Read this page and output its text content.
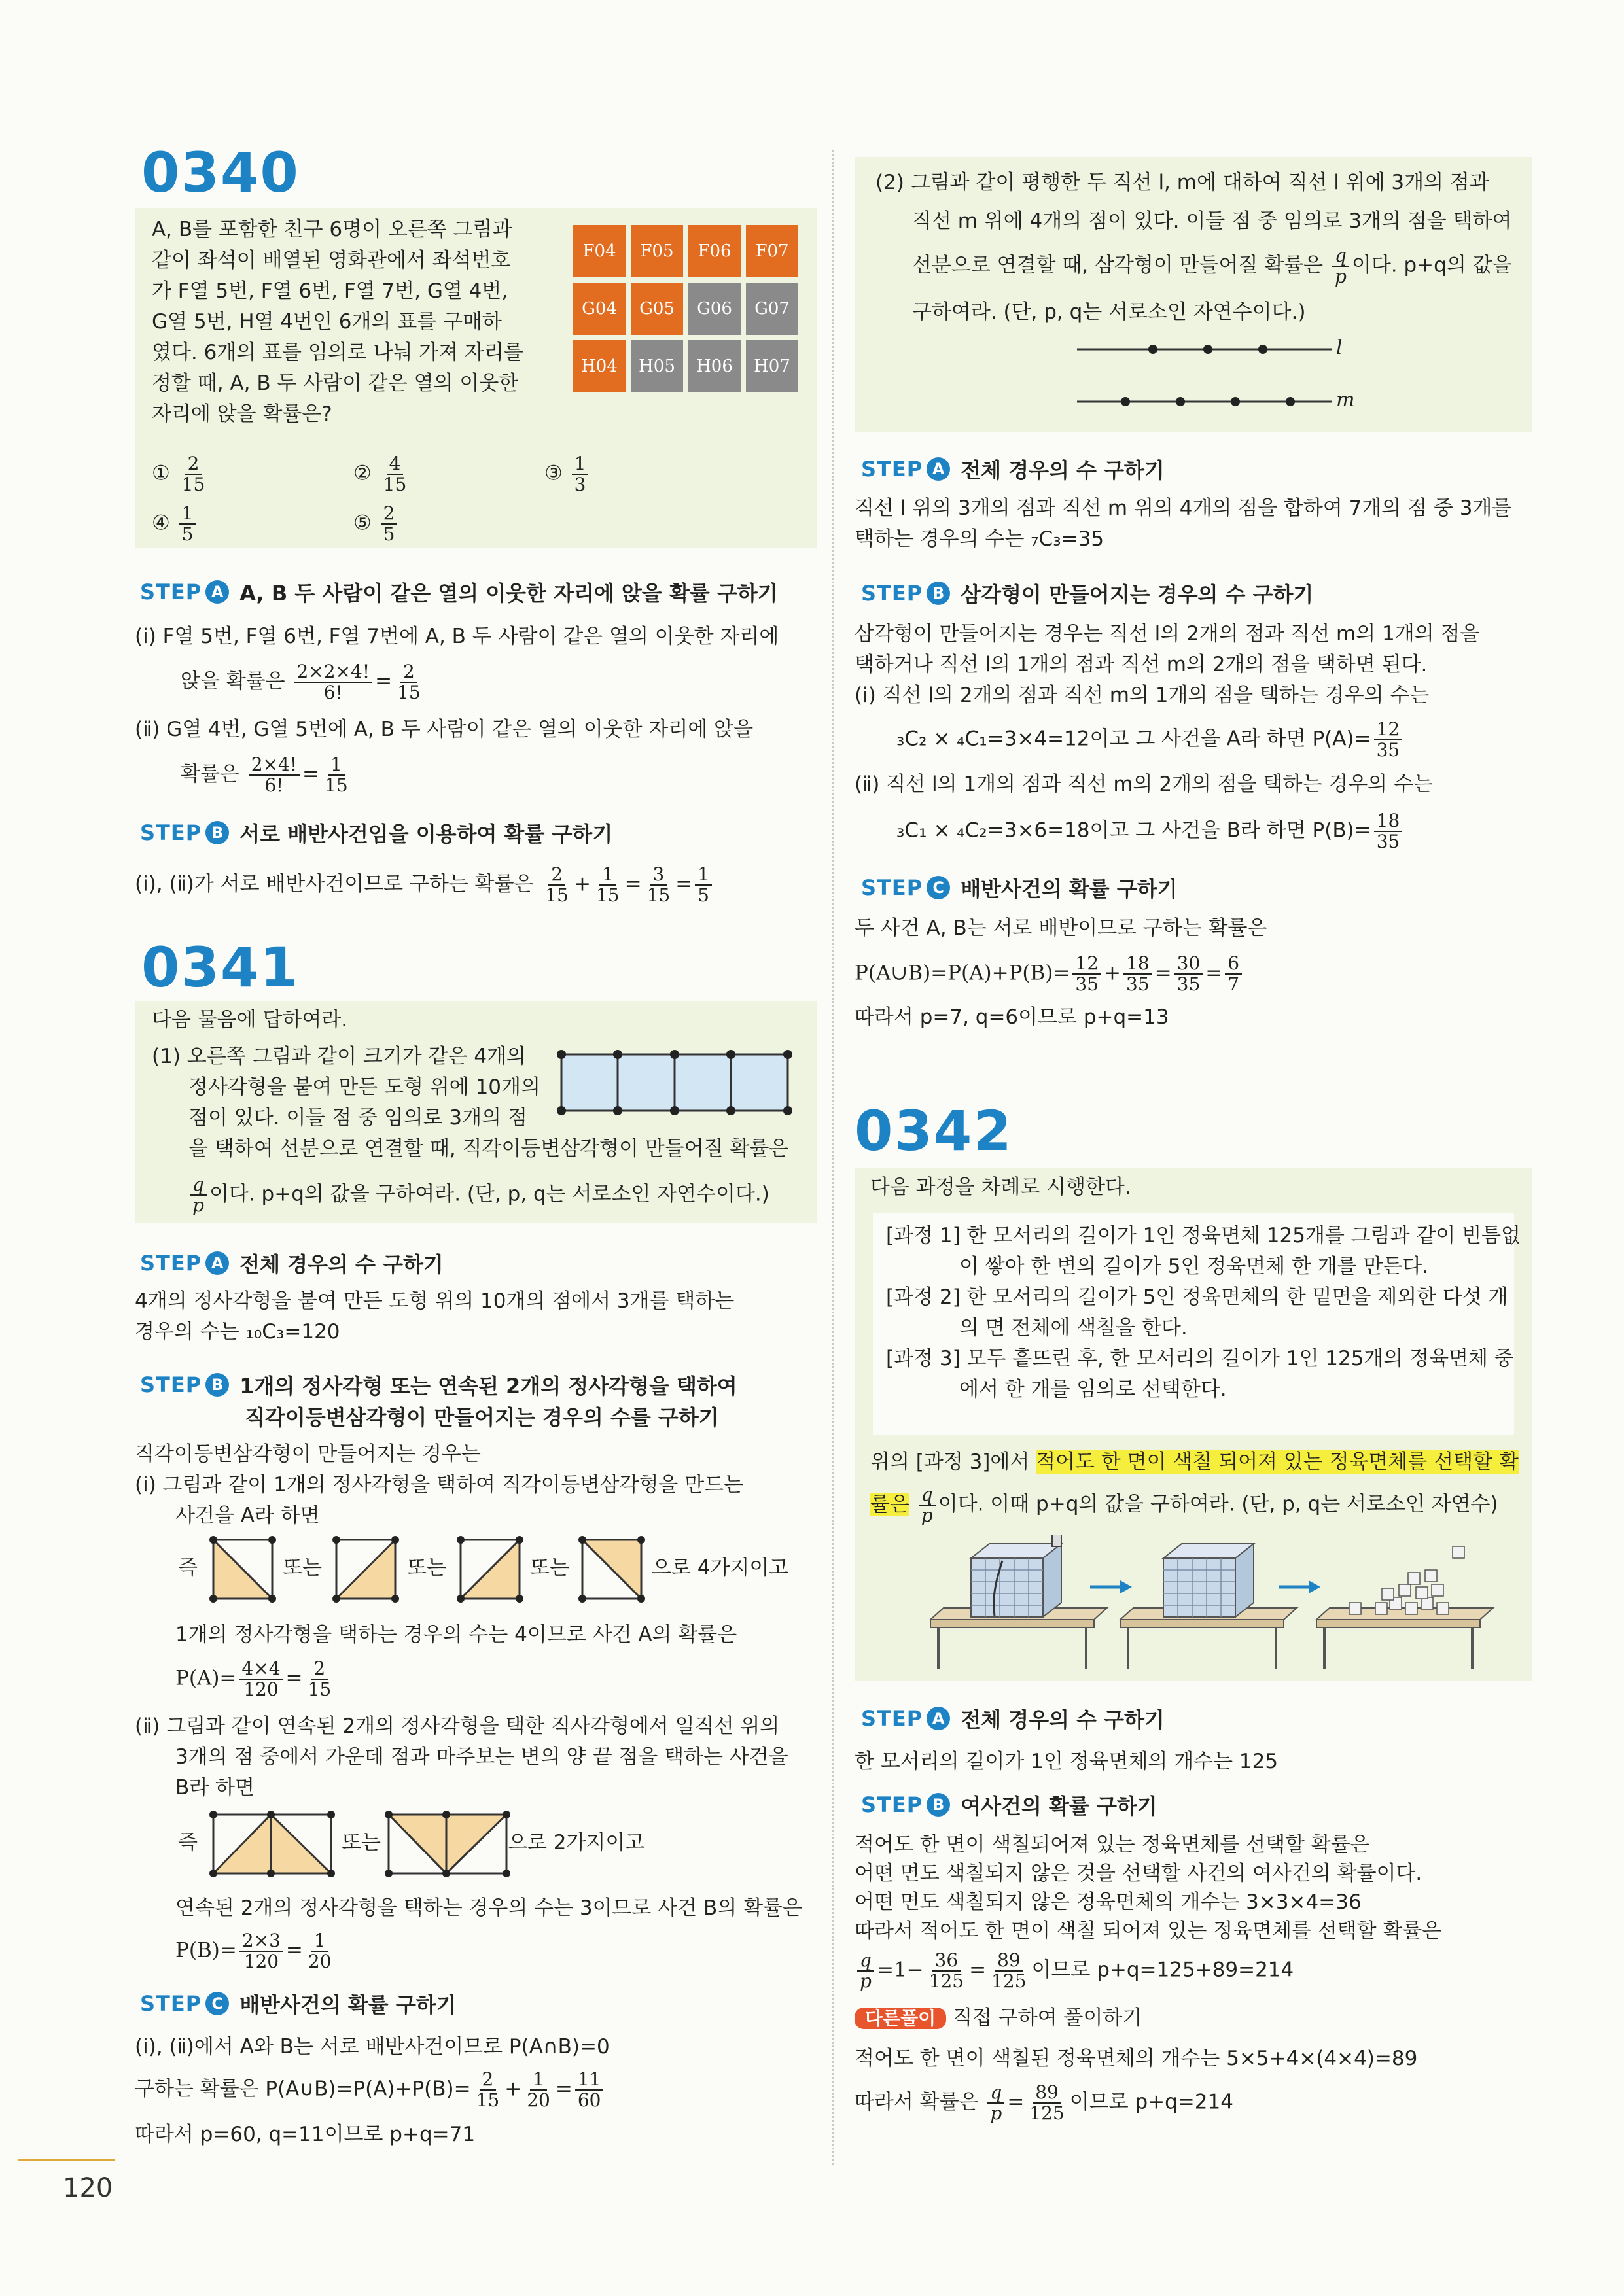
0340
A, B를 포함한 친구 6명이 오른쪽 그림과
같이 좌석이 배열된 영화관에서 좌석번호
가 F열 5번, F열 6번, F열 7번, G열 4번,
G열 5번, H열 4번인 6개의 표를 구매하
였다. 6개의 표를 임의로 나눠 가져 자리를
정할 때, A, B 두 사람이 같은 열의 이웃한
자리에 앉을 확률은?
F04 F05 F06 F07
G04 G05 G06 G07
H04 H05 H06 H07
① $\frac{2}{15}$	② $\frac{4}{15}$	③ $\frac{1}{3}$
④ $\frac{1}{5}$	⑤ $\frac{2}{5}$
STEP A A, B 두 사람이 같은 열의 이웃한 자리에 앉을 확률 구하기
(ⅰ) F열 5번, F열 6번, F열 7번에 A, B 두 사람이 같은 열의 이웃한 자리에
앉을 확률은 $\frac{2\times 2\times 4!}{6!} = \frac{2}{15}$
(ⅱ) G열 4번, G열 5번에 A, B 두 사람이 같은 열의 이웃한 자리에 앉을
확률은 $\frac{2\times 4!}{6!} = \frac{1}{15}$
STEP B 서로 배반사건임을 이용하여 확률 구하기
(ⅰ), (ⅱ)가 서로 배반사건이므로 구하는 확률은 $\frac{2}{15} + \frac{1}{15} = \frac{3}{15} = \frac{1}{5}$
0341
다음 물음에 답하여라.
(1) 오른쪽 그림과 같이 크기가 같은 4개의
정사각형을 붙여 만든 도형 위에 10개의
점이 있다. 이들 점 중 임의로 3개의 점
을 택하여 선분으로 연결할 때, 직각이등변삼각형이 만들어질 확률은
$\frac{q}{p}$ 이다. p+q의 값을 구하여라. (단, p, q는 서로소인 자연수이다.)
STEP A 전체 경우의 수 구하기
4개의 정사각형을 붙여 만든 도형 위의 10개의 점에서 3개를 택하는
경우의 수는 ₁₀C₃=120
STEP B 1개의 정사각형 또는 연속된 2개의 정사각형을 택하여
직각이등변삼각형이 만들어지는 경우의 수를 구하기
직각이등변삼각형이 만들어지는 경우는
(ⅰ) 그림과 같이 1개의 정사각형을 택하여 직각이등변삼각형을 만드는
사건을 A라 하면
즉	또는	또는	또는	으로 4가지이고
1개의 정사각형을 택하는 경우의 수는 4이므로 사건 A의 확률은
$P(A)= \frac{4\times 4}{120} = \frac{2}{15}$
(ⅱ) 그림과 같이 연속된 2개의 정사각형을 택한 직사각형에서 일직선 위의
3개의 점 중에서 가운데 점과 마주보는 변의 양 끝 점을 택하는 사건을
B라 하면
즉	또는	으로 2가지이고
연속된 2개의 정사각형을 택하는 경우의 수는 3이므로 사건 B의 확률은
$P(B)= \frac{2\times 3}{120} = \frac{1}{20}$
STEP C 배반사건의 확률 구하기
(ⅰ), (ⅱ)에서 A와 B는 서로 배반사건이므로 P(A∩B)=0
구하는 확률은 P(A∪B)=P(A)+P(B)= $\frac{2}{15} + \frac{1}{20} = \frac{11}{60}$
따라서 p=60, q=11이므로 p+q=71
120
(2) 그림과 같이 평행한 두 직선 l, m에 대하여 직선 l 위에 3개의 점과
직선 m 위에 4개의 점이 있다. 이들 점 중 임의로 3개의 점을 택하여
선분으로 연결할 때, 삼각형이 만들어질 확률은 $\frac{q}{p}$ 이다. p+q의 값을
구하여라. (단, p, q는 서로소인 자연수이다.)
l
m
STEP A 전체 경우의 수 구하기
직선 l 위의 3개의 점과 직선 m 위의 4개의 점을 합하여 7개의 점 중 3개를
택하는 경우의 수는 ₇C₃=35
STEP B 삼각형이 만들어지는 경우의 수 구하기
삼각형이 만들어지는 경우는 직선 l의 2개의 점과 직선 m의 1개의 점을
택하거나 직선 l의 1개의 점과 직선 m의 2개의 점을 택하면 된다.
(ⅰ) 직선 l의 2개의 점과 직선 m의 1개의 점을 택하는 경우의 수는
₃C₂ × ₄C₁=3×4=12이고 그 사건을 A라 하면 $P(A)= \frac{12}{35}$
(ⅱ) 직선 l의 1개의 점과 직선 m의 2개의 점을 택하는 경우의 수는
₃C₁ × ₄C₂=3×6=18이고 그 사건을 B라 하면 $P(B)= \frac{18}{35}$
STEP C 배반사건의 확률 구하기
두 사건 A, B는 서로 배반이므로 구하는 확률은
P(A∪B)=P(A)+P(B)= $\frac{12}{35} + \frac{18}{35} = \frac{30}{35} = \frac{6}{7}$
따라서 p=7, q=6이므로 p+q=13
0342
다음 과정을 차례로 시행한다.
[과정 1] 한 모서리의 길이가 1인 정육면체 125개를 그림과 같이 빈틈없
이 쌓아 한 변의 길이가 5인 정육면체 한 개를 만든다.
[과정 2] 한 모서리의 길이가 5인 정육면체의 한 밑면을 제외한 다섯 개
의 면 전체에 색칠을 한다.
[과정 3] 모두 흩뜨린 후, 한 모서리의 길이가 1인 125개의 정육면체 중
에서 한 개를 임의로 선택한다.
위의 [과정 3]에서 적어도 한 면이 색칠 되어져 있는 정육면체를 선택할 확
률은 $\frac{q}{p}$ 이다. 이때 p+q의 값을 구하여라. (단, p, q는 서로소인 자연수)
STEP A 전체 경우의 수 구하기
한 모서리의 길이가 1인 정육면체의 개수는 125
STEP B 여사건의 확률 구하기
적어도 한 면이 색칠되어져 있는 정육면체를 선택할 확률은
어떤 면도 색칠되지 않은 것을 선택할 사건의 여사건의 확률이다.
어떤 면도 색칠되지 않은 정육면체의 개수는 3×3×4=36
따라서 적어도 한 면이 색칠 되어져 있는 정육면체를 선택할 확률은
$\frac{q}{p} =1- \frac{36}{125} = \frac{89}{125}$ 이므로 p+q=125+89=214
다른풀이 직접 구하여 풀이하기
적어도 한 면이 색칠된 정육면체의 개수는 5×5+4×(4×4)=89
따라서 확률은 $\frac{q}{p} = \frac{89}{125}$ 이므로 p+q=214
